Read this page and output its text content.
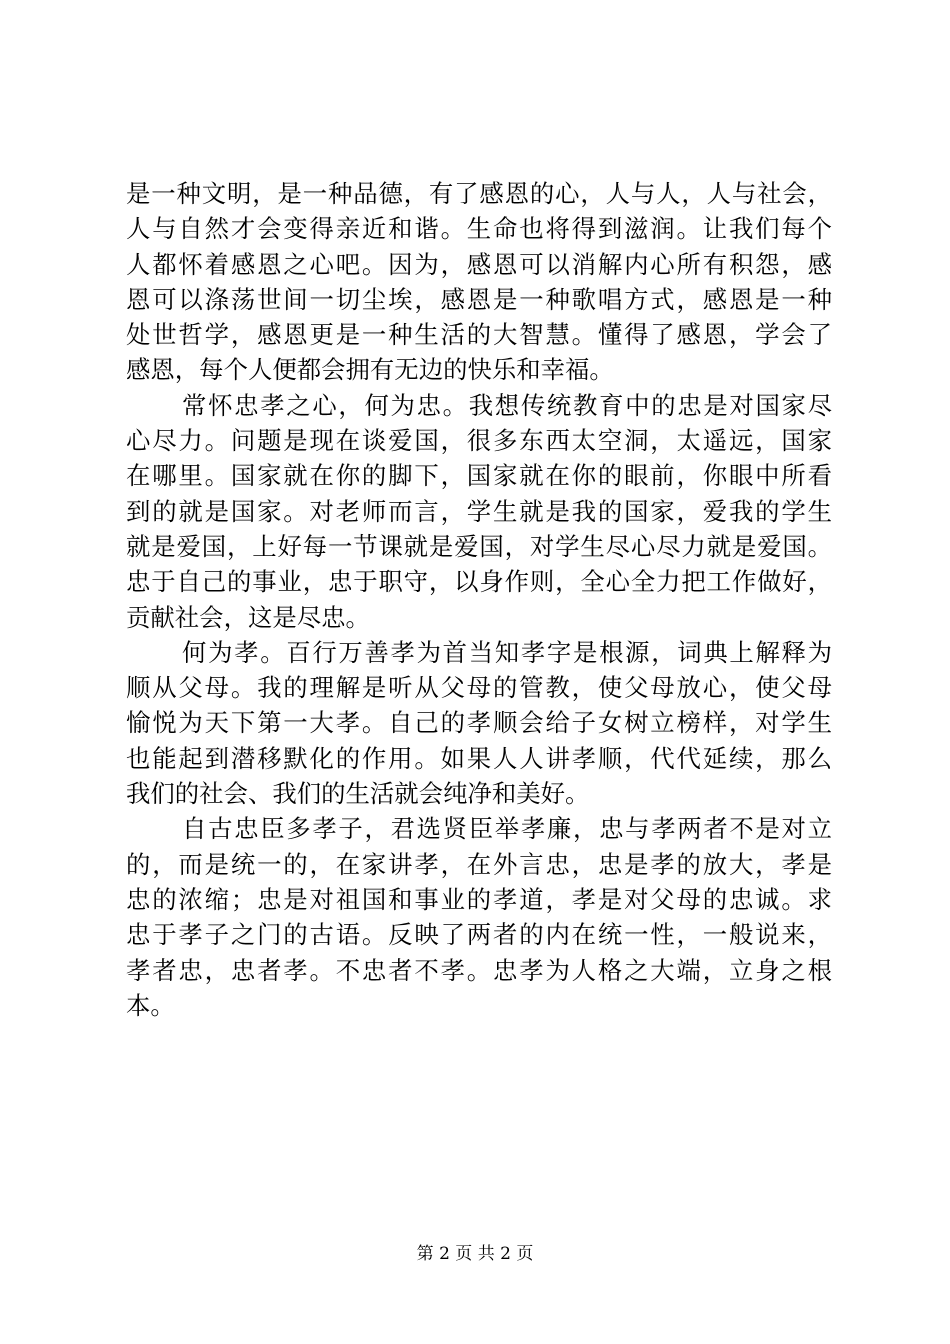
是一种文明，是一种品德，有了感恩的心，人与人，人与社会，
人与自然才会变得亲近和谐。生命也将得到滋润。让我们每个
人都怀着感恩之心吧。因为，感恩可以消解内心所有积怨，感
恩可以涤荡世间一切尘埃，感恩是一种歌唱方式，感恩是一种
处世哲学，感恩更是一种生活的大智慧。懂得了感恩，学会了
感恩，每个人便都会拥有无边的快乐和幸福。
常怀忠孝之心，何为忠。我想传统教育中的忠是对国家尽
心尽力。问题是现在谈爱国，很多东西太空洞，太遥远，国家
在哪里。国家就在你的脚下，国家就在你的眼前，你眼中所看
到的就是国家。对老师而言，学生就是我的国家，爱我的学生
就是爱国，上好每一节课就是爱国，对学生尽心尽力就是爱国。
忠于自己的事业，忠于职守，以身作则，全心全力把工作做好，
贡献社会，这是尽忠。
何为孝。百行万善孝为首当知孝字是根源，词典上解释为
顺从父母。我的理解是听从父母的管教，使父母放心，使父母
愉悦为天下第一大孝。自己的孝顺会给子女树立榜样，对学生
也能起到潜移默化的作用。如果人人讲孝顺，代代延续，那么
我们的社会、我们的生活就会纯净和美好。
自古忠臣多孝子，君选贤臣举孝廉，忠与孝两者不是对立
的，而是统一的，在家讲孝，在外言忠，忠是孝的放大，孝是
忠的浓缩；忠是对祖国和事业的孝道，孝是对父母的忠诚。求
忠于孝子之门的古语。反映了两者的内在统一性，一般说来，
孝者忠，忠者孝。不忠者不孝。忠孝为人格之大端，立身之根
本。
第 2 页 共 2 页
